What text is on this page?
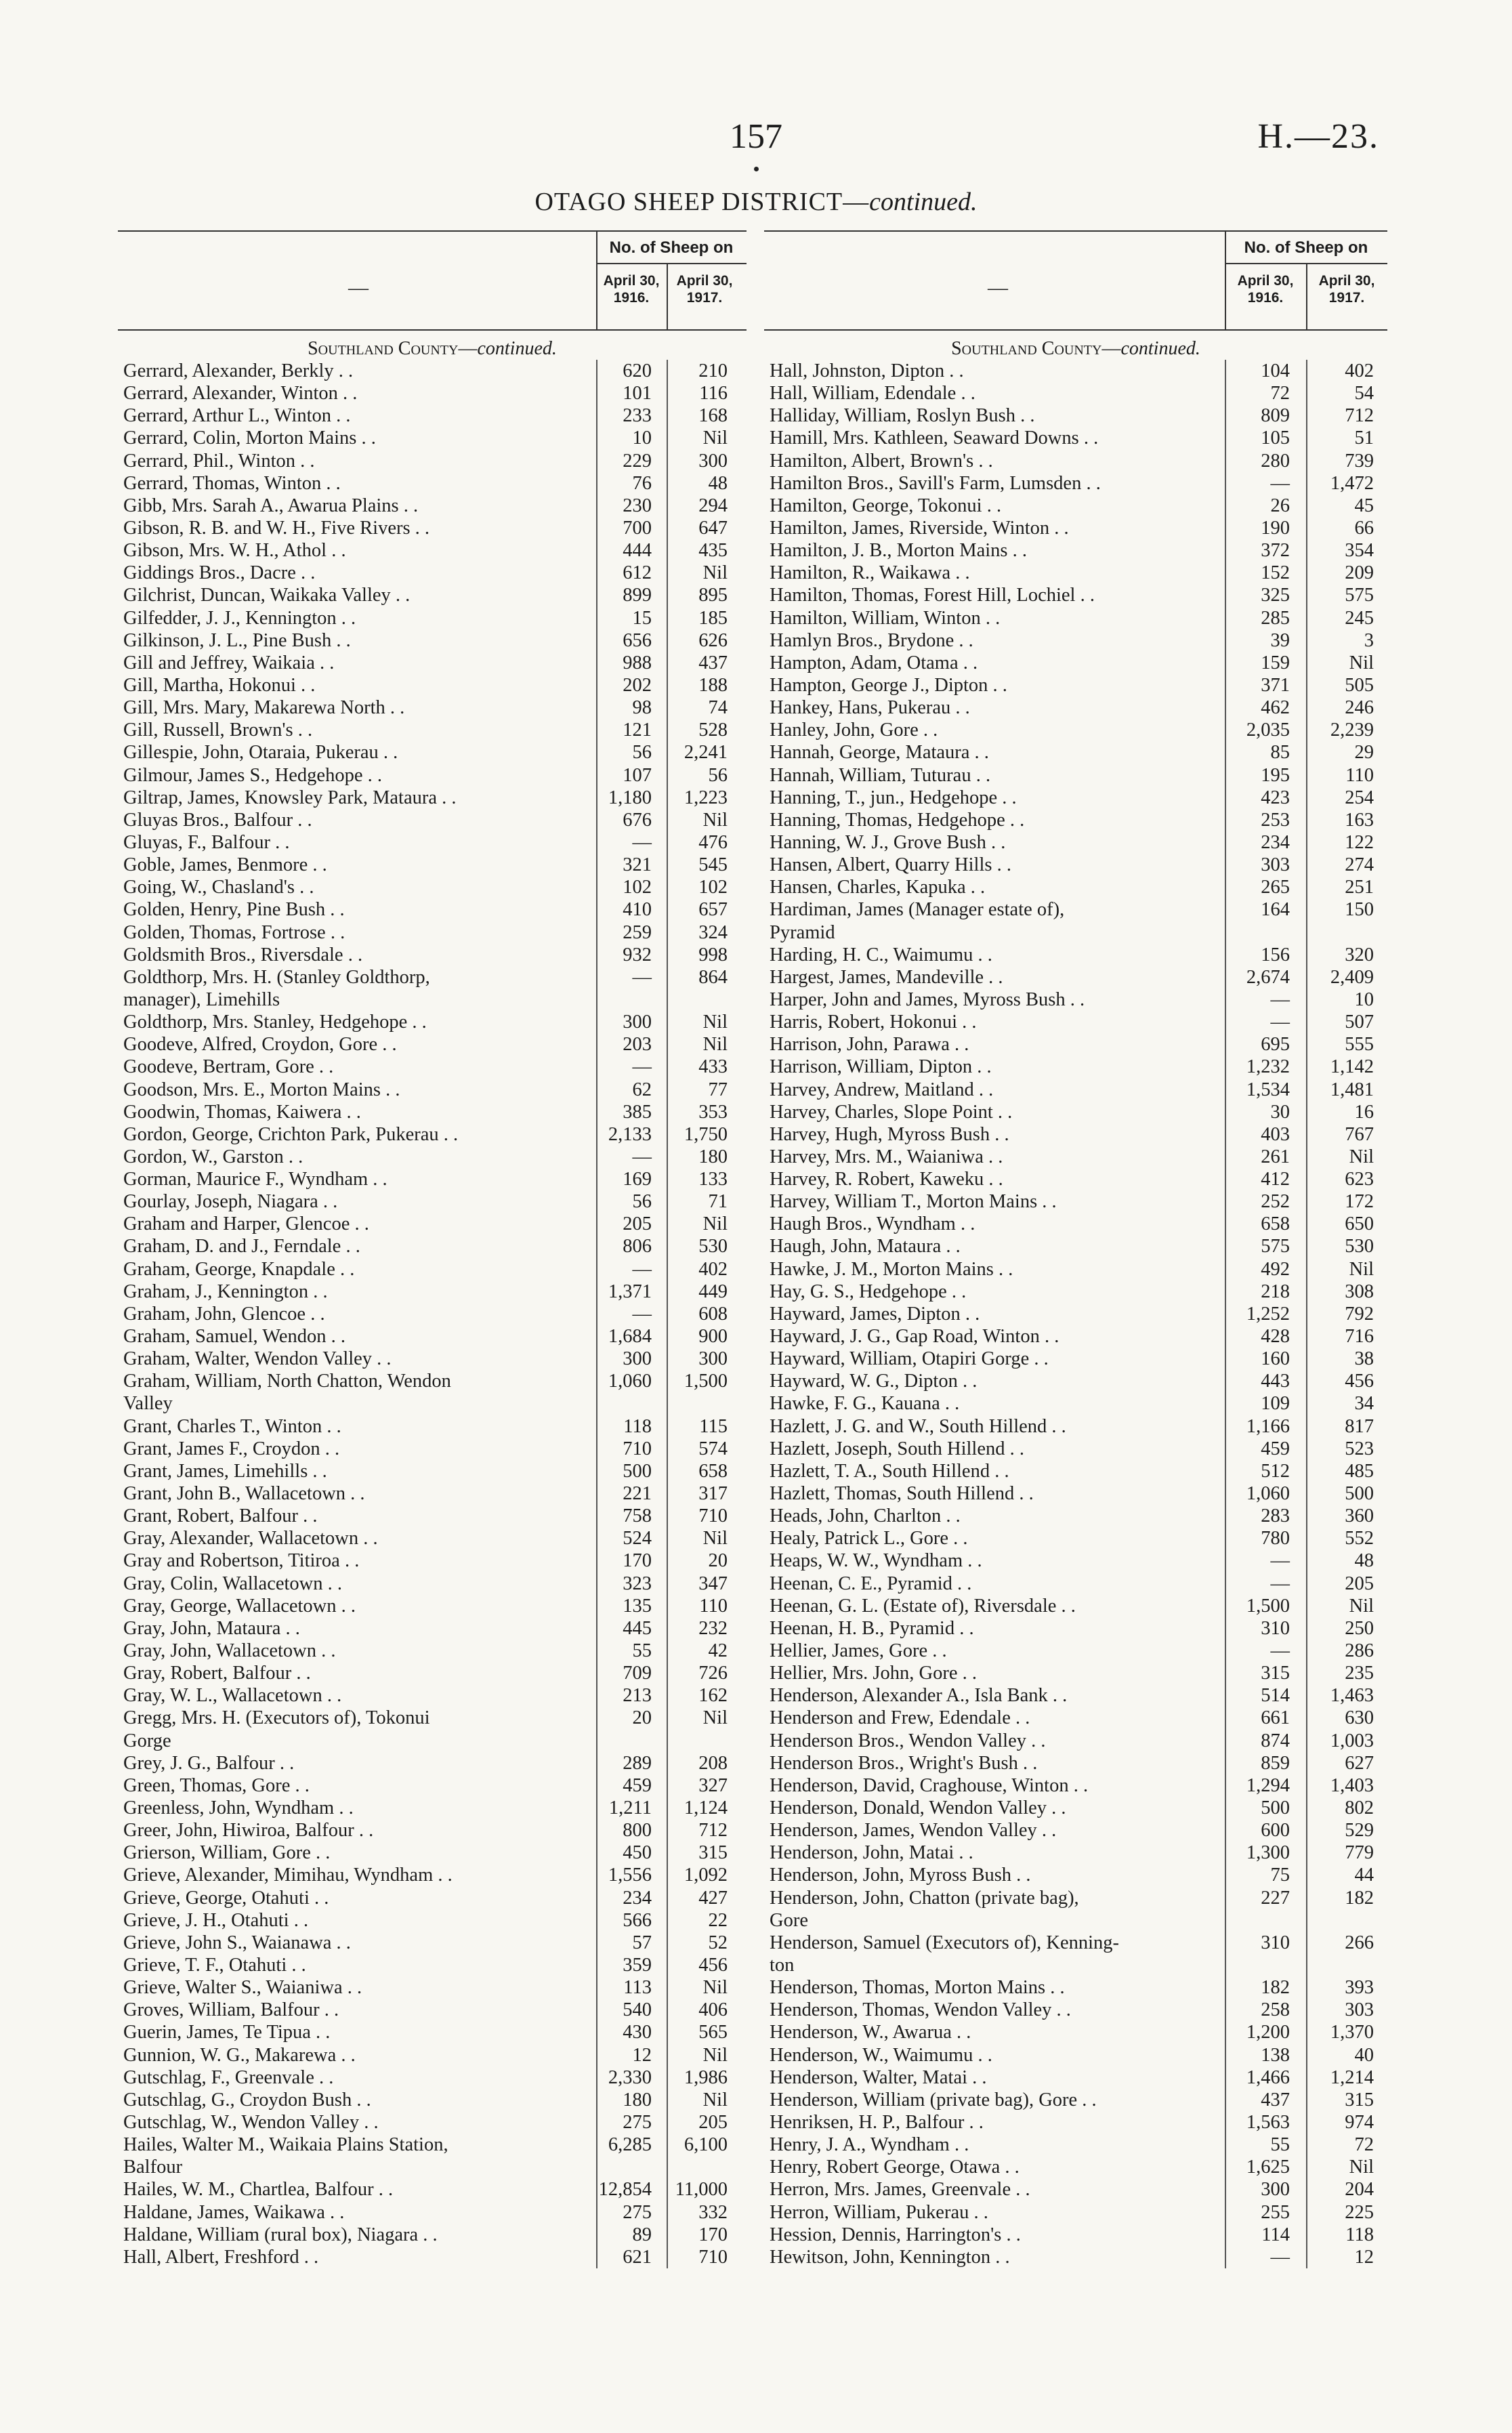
157	H.—23.
OTAGO SHEEP DISTRICT—continued.
—
No. of Sheep on
April 30,
1916.
April 30,
1917.
Southland County—continued.
Gerrard, Alexander, Berkly . .	620	210
Gerrard, Alexander, Winton . .	101	116
Gerrard, Arthur L., Winton . .	233	168
Gerrard, Colin, Morton Mains . .	10	Nil
Gerrard, Phil., Winton . .	229	300
Gerrard, Thomas, Winton . .	76	48
Gibb, Mrs. Sarah A., Awarua Plains . .	230	294
Gibson, R. B. and W. H., Five Rivers . .	700	647
Gibson, Mrs. W. H., Athol . .	444	435
Giddings Bros., Dacre . .	612	Nil
Gilchrist, Duncan, Waikaka Valley . .	899	895
Gilfedder, J. J., Kennington . .	15	185
Gilkinson, J. L., Pine Bush . .	656	626
Gill and Jeffrey, Waikaia . .	988	437
Gill, Martha, Hokonui . .	202	188
Gill, Mrs. Mary, Makarewa North . .	98	74
Gill, Russell, Brown's . .	121	528
Gillespie, John, Otaraia, Pukerau . .	56	2,241
Gilmour, James S., Hedgehope . .	107	56
Giltrap, James, Knowsley Park, Mataura . .	1,180	1,223
Gluyas Bros., Balfour . .	676	Nil
Gluyas, F., Balfour . .	—	476
Goble, James, Benmore . .	321	545
Going, W., Chasland's . .	102	102
Golden, Henry, Pine Bush . .	410	657
Golden, Thomas, Fortrose . .	259	324
Goldsmith Bros., Riversdale . .	932	998
Goldthorp, Mrs. H. (Stanley Goldthorp,	—	864
manager), Limehills
Goldthorp, Mrs. Stanley, Hedgehope . .	300	Nil
Goodeve, Alfred, Croydon, Gore . .	203	Nil
Goodeve, Bertram, Gore . .	—	433
Goodson, Mrs. E., Morton Mains . .	62	77
Goodwin, Thomas, Kaiwera . .	385	353
Gordon, George, Crichton Park, Pukerau . .	2,133	1,750
Gordon, W., Garston . .	—	180
Gorman, Maurice F., Wyndham . .	169	133
Gourlay, Joseph, Niagara . .	56	71
Graham and Harper, Glencoe . .	205	Nil
Graham, D. and J., Ferndale . .	806	530
Graham, George, Knapdale . .	—	402
Graham, J., Kennington . .	1,371	449
Graham, John, Glencoe . .	—	608
Graham, Samuel, Wendon . .	1,684	900
Graham, Walter, Wendon Valley . .	300	300
Graham, William, North Chatton, Wendon	1,060	1,500
Valley
Grant, Charles T., Winton . .	118	115
Grant, James F., Croydon . .	710	574
Grant, James, Limehills . .	500	658
Grant, John B., Wallacetown . .	221	317
Grant, Robert, Balfour . .	758	710
Gray, Alexander, Wallacetown . .	524	Nil
Gray and Robertson, Titiroa . .	170	20
Gray, Colin, Wallacetown . .	323	347
Gray, George, Wallacetown . .	135	110
Gray, John, Mataura . .	445	232
Gray, John, Wallacetown . .	55	42
Gray, Robert, Balfour . .	709	726
Gray, W. L., Wallacetown . .	213	162
Gregg, Mrs. H. (Executors of), Tokonui	20	Nil
Gorge
Grey, J. G., Balfour . .	289	208
Green, Thomas, Gore . .	459	327
Greenless, John, Wyndham . .	1,211	1,124
Greer, John, Hiwiroa, Balfour . .	800	712
Grierson, William, Gore . .	450	315
Grieve, Alexander, Mimihau, Wyndham . .	1,556	1,092
Grieve, George, Otahuti . .	234	427
Grieve, J. H., Otahuti . .	566	22
Grieve, John S., Waianawa . .	57	52
Grieve, T. F., Otahuti . .	359	456
Grieve, Walter S., Waianiwa . .	113	Nil
Groves, William, Balfour . .	540	406
Guerin, James, Te Tipua . .	430	565
Gunnion, W. G., Makarewa . .	12	Nil
Gutschlag, F., Greenvale . .	2,330	1,986
Gutschlag, G., Croydon Bush . .	180	Nil
Gutschlag, W., Wendon Valley . .	275	205
Hailes, Walter M., Waikaia Plains Station,	6,285	6,100
Balfour
Hailes, W. M., Chartlea, Balfour . .	12,854	11,000
Haldane, James, Waikawa . .	275	332
Haldane, William (rural box), Niagara . .	89	170
Hall, Albert, Freshford . .	621	710
—
No. of Sheep on
April 30,
1916.
April 30,
1917.
Southland County—continued.
Hall, Johnston, Dipton . .	104	402
Hall, William, Edendale . .	72	54
Halliday, William, Roslyn Bush . .	809	712
Hamill, Mrs. Kathleen, Seaward Downs . .	105	51
Hamilton, Albert, Brown's . .	280	739
Hamilton Bros., Savill's Farm, Lumsden . .	—	1,472
Hamilton, George, Tokonui . .	26	45
Hamilton, James, Riverside, Winton . .	190	66
Hamilton, J. B., Morton Mains . .	372	354
Hamilton, R., Waikawa . .	152	209
Hamilton, Thomas, Forest Hill, Lochiel . .	325	575
Hamilton, William, Winton . .	285	245
Hamlyn Bros., Brydone . .	39	3
Hampton, Adam, Otama . .	159	Nil
Hampton, George J., Dipton . .	371	505
Hankey, Hans, Pukerau . .	462	246
Hanley, John, Gore . .	2,035	2,239
Hannah, George, Mataura . .	85	29
Hannah, William, Tuturau . .	195	110
Hanning, T., jun., Hedgehope . .	423	254
Hanning, Thomas, Hedgehope . .	253	163
Hanning, W. J., Grove Bush . .	234	122
Hansen, Albert, Quarry Hills . .	303	274
Hansen, Charles, Kapuka . .	265	251
Hardiman, James (Manager estate of),	164	150
Pyramid
Harding, H. C., Waimumu . .	156	320
Hargest, James, Mandeville . .	2,674	2,409
Harper, John and James, Myross Bush . .	—	10
Harris, Robert, Hokonui . .	—	507
Harrison, John, Parawa . .	695	555
Harrison, William, Dipton . .	1,232	1,142
Harvey, Andrew, Maitland . .	1,534	1,481
Harvey, Charles, Slope Point . .	30	16
Harvey, Hugh, Myross Bush . .	403	767
Harvey, Mrs. M., Waianiwa . .	261	Nil
Harvey, R. Robert, Kaweku . .	412	623
Harvey, William T., Morton Mains . .	252	172
Haugh Bros., Wyndham . .	658	650
Haugh, John, Mataura . .	575	530
Hawke, J. M., Morton Mains . .	492	Nil
Hay, G. S., Hedgehope . .	218	308
Hayward, James, Dipton . .	1,252	792
Hayward, J. G., Gap Road, Winton . .	428	716
Hayward, William, Otapiri Gorge . .	160	38
Hayward, W. G., Dipton . .	443	456
Hawke, F. G., Kauana . .	109	34
Hazlett, J. G. and W., South Hillend . .	1,166	817
Hazlett, Joseph, South Hillend . .	459	523
Hazlett, T. A., South Hillend . .	512	485
Hazlett, Thomas, South Hillend . .	1,060	500
Heads, John, Charlton . .	283	360
Healy, Patrick L., Gore . .	780	552
Heaps, W. W., Wyndham . .	—	48
Heenan, C. E., Pyramid . .	—	205
Heenan, G. L. (Estate of), Riversdale . .	1,500	Nil
Heenan, H. B., Pyramid . .	310	250
Hellier, James, Gore . .	—	286
Hellier, Mrs. John, Gore . .	315	235
Henderson, Alexander A., Isla Bank . .	514	1,463
Henderson and Frew, Edendale . .	661	630
Henderson Bros., Wendon Valley . .	874	1,003
Henderson Bros., Wright's Bush . .	859	627
Henderson, David, Craghouse, Winton . .	1,294	1,403
Henderson, Donald, Wendon Valley . .	500	802
Henderson, James, Wendon Valley . .	600	529
Henderson, John, Matai . .	1,300	779
Henderson, John, Myross Bush . .	75	44
Henderson, John, Chatton (private bag),	227	182
Gore
Henderson, Samuel (Executors of), Kenning-	310	266
ton
Henderson, Thomas, Morton Mains . .	182	393
Henderson, Thomas, Wendon Valley . .	258	303
Henderson, W., Awarua . .	1,200	1,370
Henderson, W., Waimumu . .	138	40
Henderson, Walter, Matai . .	1,466	1,214
Henderson, William (private bag), Gore . .	437	315
Henriksen, H. P., Balfour . .	1,563	974
Henry, J. A., Wyndham . .	55	72
Henry, Robert George, Otawa . .	1,625	Nil
Herron, Mrs. James, Greenvale . .	300	204
Herron, William, Pukerau . .	255	225
Hession, Dennis, Harrington's . .	114	118
Hewitson, John, Kennington . .	—	12
